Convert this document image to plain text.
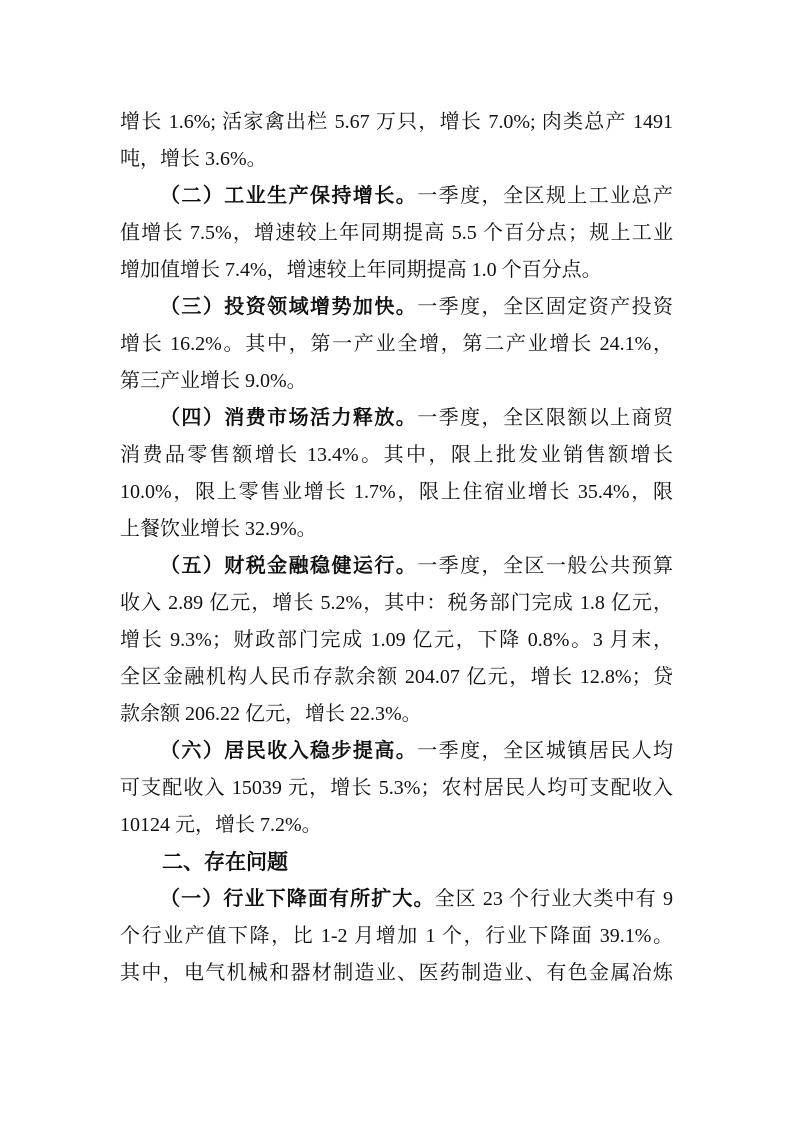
增长 1.6%; 活家禽出栏 5.67 万只，增长 7.0%; 肉类总产 1491
吨，增长 3.6%。
（二）工业生产保持增长。一季度，全区规上工业总产
值增长 7.5%，增速较上年同期提高 5.5 个百分点；规上工业
增加值增长 7.4%，增速较上年同期提高 1.0 个百分点。
（三）投资领域增势加快。一季度，全区固定资产投资
增长 16.2%。其中，第一产业全增，第二产业增长 24.1%，
第三产业增长 9.0%。
（四）消费市场活力释放。一季度，全区限额以上商贸
消费品零售额增长 13.4%。其中，限上批发业销售额增长
10.0%，限上零售业增长 1.7%，限上住宿业增长 35.4%，限
上餐饮业增长 32.9%。
（五）财税金融稳健运行。一季度，全区一般公共预算
收入 2.89 亿元，增长 5.2%，其中：税务部门完成 1.8 亿元，
增长 9.3%；财政部门完成 1.09 亿元，下降 0.8%。3 月末，
全区金融机构人民币存款余额 204.07 亿元，增长 12.8%；贷
款余额 206.22 亿元，增长 22.3%。
（六）居民收入稳步提高。一季度，全区城镇居民人均
可支配收入 15039 元，增长 5.3%；农村居民人均可支配收入
10124 元，增长 7.2%。
二、存在问题
（一）行业下降面有所扩大。全区 23 个行业大类中有 9
个行业产值下降，比 1-2 月增加 1 个，行业下降面 39.1%。
其中，电气机械和器材制造业、医药制造业、有色金属冶炼
